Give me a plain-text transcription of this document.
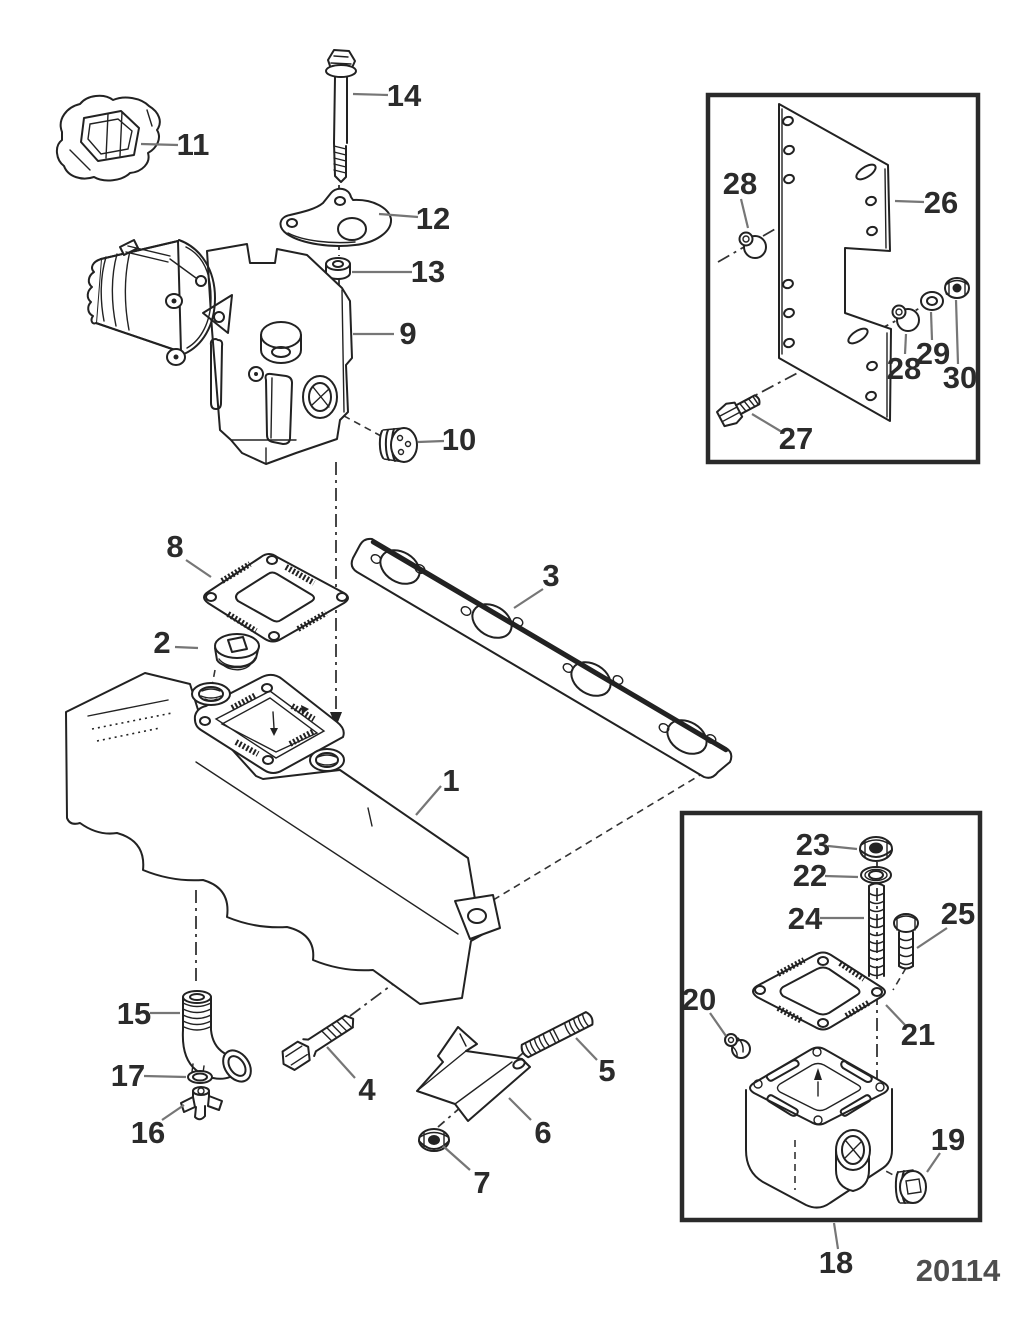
1
2
3
4
5
6
7
8
9
10
11
12
13
14
15
16
17
18
19
20
21
22
23
24	25
26
27
28
28
29
30
20114
